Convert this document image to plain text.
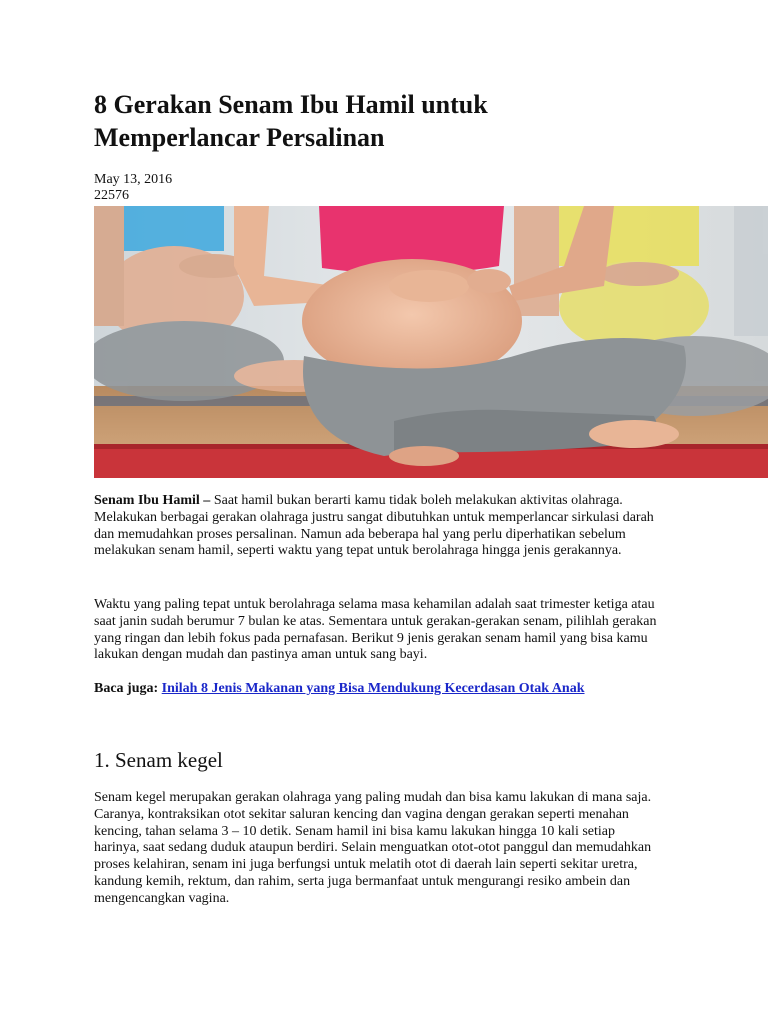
8 Gerakan Senam Ibu Hamil untuk Memperlancar Persalinan
May 13, 2016
22576

Senam Ibu Hamil – Saat hamil bukan berarti kamu tidak boleh melakukan aktivitas olahraga. Melakukan berbagai gerakan olahraga justru sangat dibutuhkan untuk memperlancar sirkulasi darah dan memudahkan proses persalinan. Namun ada beberapa hal yang perlu diperhatikan sebelum melakukan senam hamil, seperti waktu yang tepat untuk berolahraga hingga jenis gerakannya.

Waktu yang paling tepat untuk berolahraga selama masa kehamilan adalah saat trimester ketiga atau saat janin sudah berumur 7 bulan ke atas. Sementara untuk gerakan-gerakan senam, pilihlah gerakan yang ringan dan lebih fokus pada pernafasan. Berikut 9 jenis gerakan senam hamil yang bisa kamu lakukan dengan mudah dan pastinya aman untuk sang bayi.

Baca juga: Inilah 8 Jenis Makanan yang Bisa Mendukung Kecerdasan Otak Anak

1. Senam kegel

Senam kegel merupakan gerakan olahraga yang paling mudah dan bisa kamu lakukan di mana saja. Caranya, kontraksikan otot sekitar saluran kencing dan vagina dengan gerakan seperti menahan kencing, tahan selama 3 – 10 detik. Senam hamil ini bisa kamu lakukan hingga 10 kali setiap harinya, saat sedang duduk ataupun berdiri. Selain menguatkan otot-otot panggul dan memudahkan proses kelahiran, senam ini juga berfungsi untuk melatih otot di daerah lain seperti sekitar uretra, kandung kemih, rektum, dan rahim, serta juga bermanfaat untuk mengurangi resiko ambein dan mengencangkan vagina.
